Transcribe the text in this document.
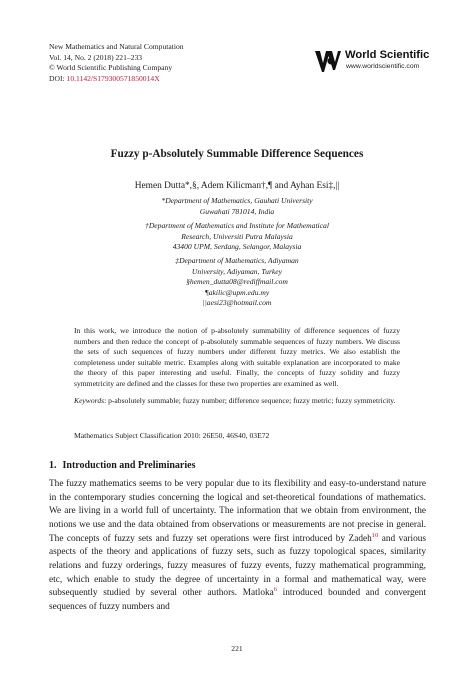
New Mathematics and Natural Computation
Vol. 14, No. 2 (2018) 221–233
© World Scientific Publishing Company
DOI: 10.1142/S179300571850014X
World Scientific
www.worldscientific.com
Fuzzy p-Absolutely Summable Difference Sequences
Hemen Dutta*,§, Adem Kilicman†,¶ and Ayhan Esi‡,||
*Department of Mathematics, Gauhati University
Guwahati 781014, India
†Department of Mathematics and Institute for Mathematical
Research, Universiti Putra Malaysia
43400 UPM, Serdang, Selangor, Malaysia
‡Department of Mathematics, Adiyaman
University, Adiyaman, Turkey
§hemen_dutta08@rediffmail.com
¶akilic@upm.edu.my
||aesi23@hotmail.com
In this work, we introduce the notion of p-absolutely summability of difference sequences of fuzzy numbers and then reduce the concept of p-absolutely summable sequences of fuzzy numbers. We discuss the sets of such sequences of fuzzy numbers under different fuzzy metrics. We also establish the completeness under suitable metric. Examples along with suitable explanation are incorporated to make the theory of this paper interesting and useful. Finally, the concepts of fuzzy solidity and fuzzy symmetricity are defined and the classes for these two properties are examined as well.
Keywords: p-absolutely summable; fuzzy number; difference sequence; fuzzy metric; fuzzy symmetricity.
Mathematics Subject Classification 2010: 26E50, 46S40, 03E72
1. Introduction and Preliminaries
The fuzzy mathematics seems to be very popular due to its flexibility and easy-to-understand nature in the contemporary studies concerning the logical and set-theoretical foundations of mathematics. We are living in a world full of uncertainty. The information that we obtain from environment, the notions we use and the data obtained from observations or measurements are not precise in general. The concepts of fuzzy sets and fuzzy set operations were first introduced by Zadeh$^{10}$ and various aspects of the theory and applications of fuzzy sets, such as fuzzy topological spaces, similarity relations and fuzzy orderings, fuzzy measures of fuzzy events, fuzzy mathematical programming, etc, which enable to study the degree of uncertainty in a formal and mathematical way, were subsequently studied by several other authors. Matloka$^6$ introduced bounded and convergent sequences of fuzzy numbers and
221
